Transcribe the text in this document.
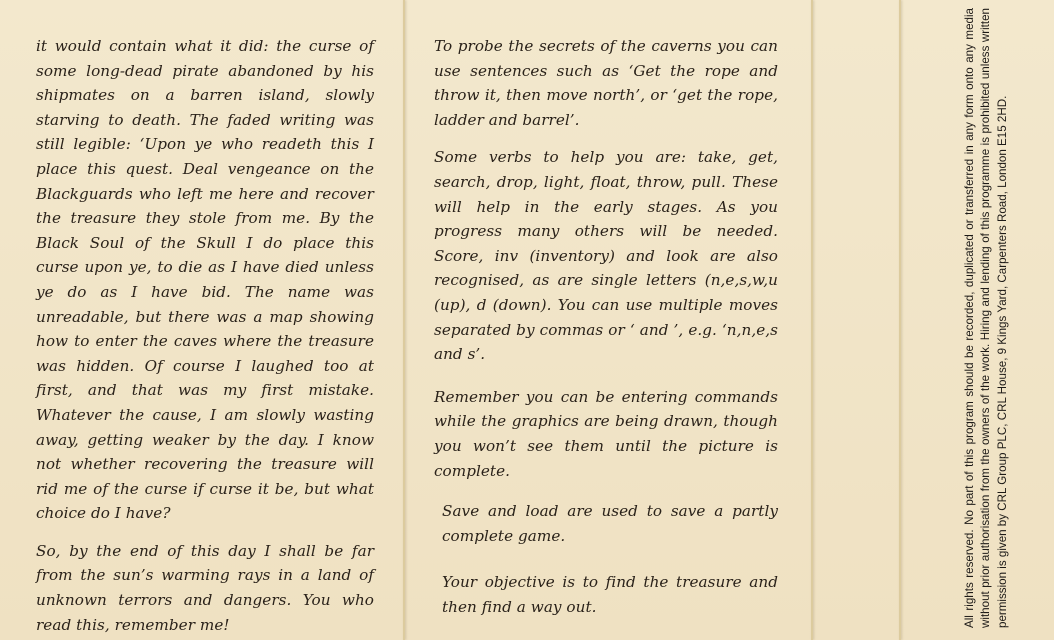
it would contain what it did: the curse of some long-dead pirate abandoned by his shipmates on a barren island, slowly starving to death. The faded writing was still legible: ‘Upon ye who readeth this I place this quest. Deal vengeance on the Blackguards who left me here and recover the treasure they stole from me. By the Black Soul of the Skull I do place this curse upon ye, to die as I have died unless ye do as I have bid. The name was unreadable, but there was a map showing how to enter the caves where the treasure was hidden. Of course I laughed too at first, and that was my first mistake. Whatever the cause, I am slowly wasting away, getting weaker by the day. I know not whether recovering the treasure will rid me of the curse if curse it be, but what choice do I have?

So, by the end of this day I shall be far from the sun’s warming rays in a land of unknown terrors and dangers. You who read this, remember me!

To probe the secrets of the caverns you can use sentences such as ‘Get the rope and throw it, then move north’, or ‘get the rope, ladder and barrel’.

Some verbs to help you are: take, get, search, drop, light, float, throw, pull. These will help in the early stages. As you progress many others will be needed. Score, inv (inventory) and look are also recognised, as are single letters (n,e,s,w,u (up), d (down). You can use multiple moves separated by commas or ‘ and ’, e.g. ‘n,n,e,s and s’.

Remember you can be entering commands while the graphics are being drawn, though you won’t see them until the picture is complete.

Save and load are used to save a partly complete game.

Your objective is to find the treasure and then find a way out.	All rights reserved. No part of this program should be recorded, duplicated or transferred in any form onto any media without prior authorisation from the owners of the work. Hiring and lending of this programme is prohibited unless written permission is given by CRL Group PLC, CRL House, 9 Kings Yard, Carpenters Road, London E15 2HD.
